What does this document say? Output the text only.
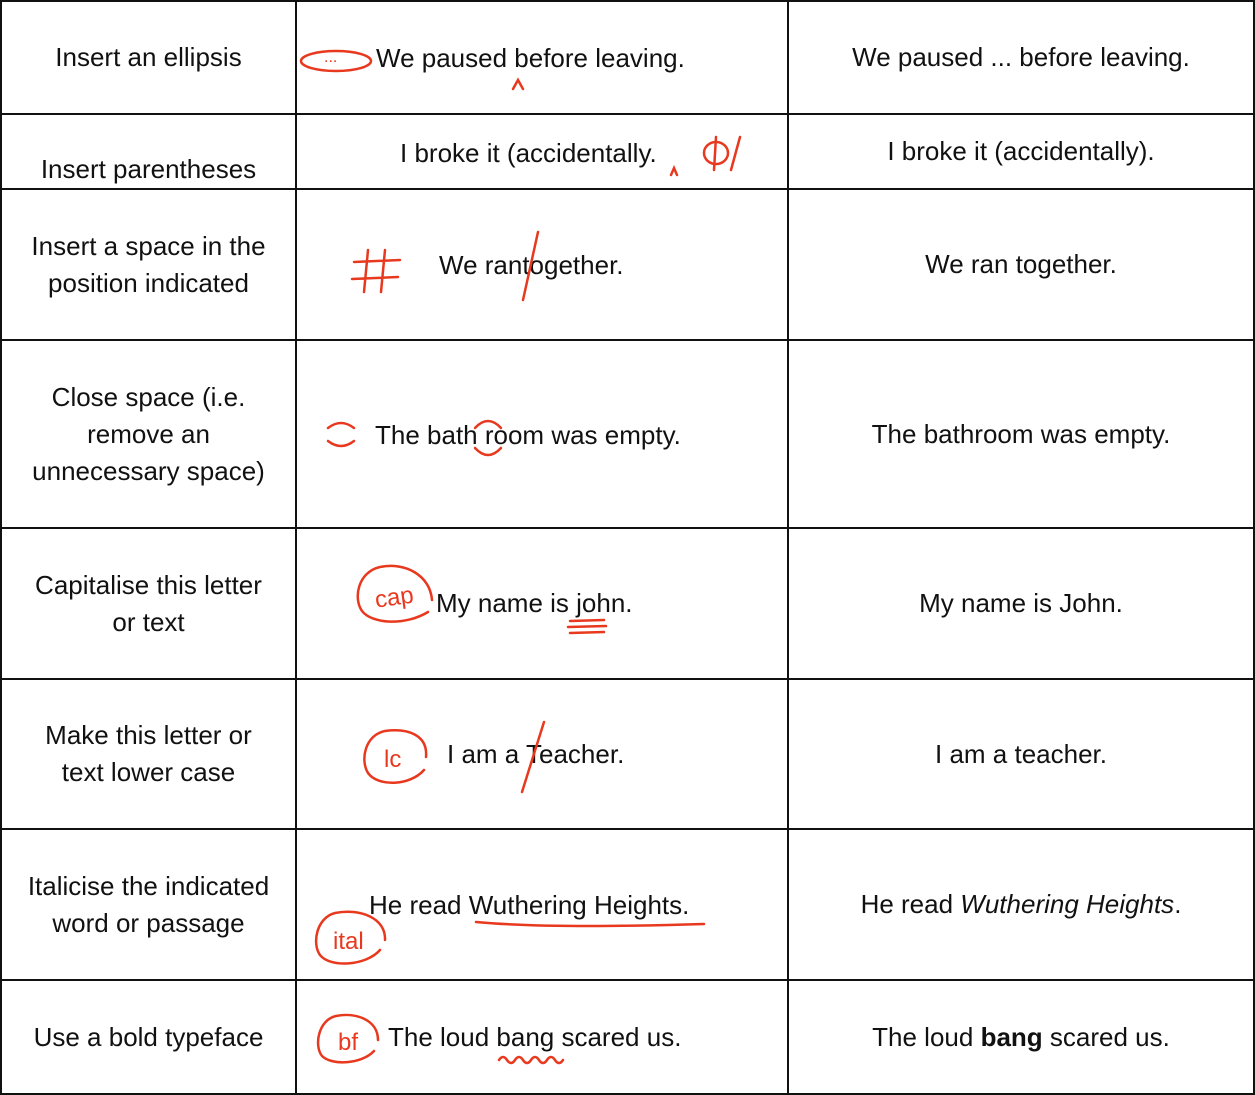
Insert an ellipsis
Insert parentheses
Insert a space in the position indicated
Close space (i.e. remove an unnecessary space)
Capitalise this letter or text
Make this letter or text lower case
Italicise the indicated word or passage
Use a bold typeface
We paused ... before leaving.
I broke it (accidentally).
We ran together.
The bathroom was empty.
My name is John.
I am a teacher.
He read Wuthering Heights.
The loud bang scared us.
We paused before leaving.
I broke it (accidentally.
We rantogether.
The bath room was empty.
My name is john.
I am a Teacher.
He read Wuthering Heights.
The loud bang scared us.
...
cap
lc
ital
bf
